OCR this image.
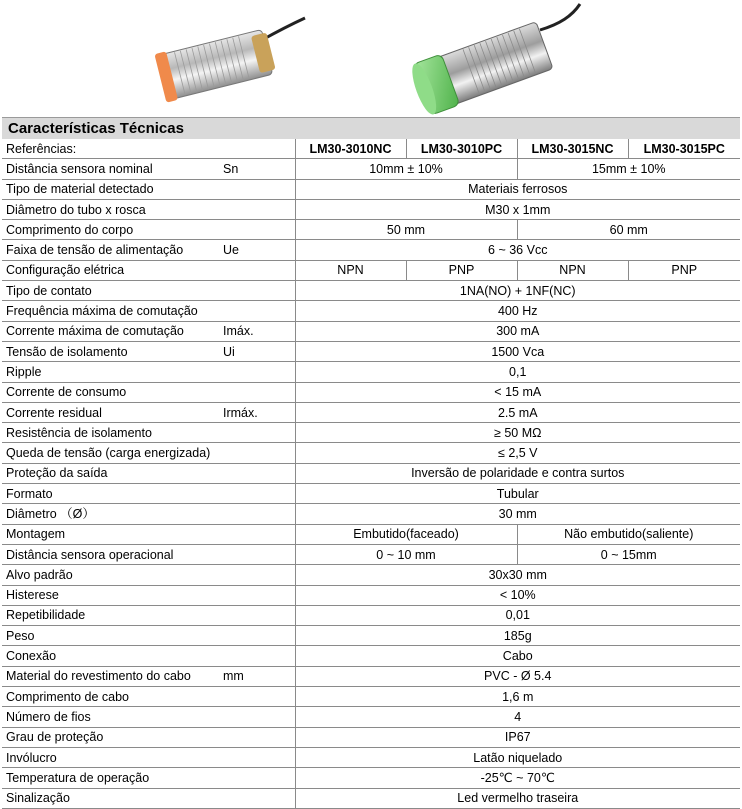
Características Técnicas
Referências:		LM30-3010NC	LM30-3010PC	LM30-3015NC	LM30-3015PC
Distância sensora nominal	Sn	10mm ± 10%		15mm ± 10%	
Tipo de material detectado		Materiais ferrosos			
Diâmetro do tubo x rosca		M30 x 1mm			
Comprimento do corpo		50 mm		60 mm	
Faixa de tensão de alimentação	Ue	6 ~ 36 Vcc			
Configuração elétrica		NPN	PNP	NPN	PNP
Tipo de contato		1NA(NO) + 1NF(NC)			
Frequência máxima de comutação		400 Hz			
Corrente máxima de comutação	Imáx.	300 mA			
Tensão de isolamento	Ui	1500 Vca			
Ripple		0,1			
Corrente de consumo		< 15 mA			
Corrente residual	Irmáx.	2.5 mA			
Resistência de isolamento		≥ 50 MΩ			
Queda de tensão (carga energizada)		≤ 2,5 V			
Proteção da saída		Inversão de polaridade e contra surtos			
Formato		Tubular			
Diâmetro （Ø）		30 mm			
Montagem		Embutido(faceado)		Não embutido(saliente)	
Distância sensora operacional		0 ~ 10 mm		0 ~ 15mm	
Alvo padrão		30x30 mm			
Histerese		< 10%			
Repetibilidade		0,01			
Peso		185g			
Conexão		Cabo			
Material do revestimento do cabo	mm	PVC - Ø 5.4			
Comprimento de cabo		1,6 m			
Número de fios		4			
Grau de proteção		IP67			
Invólucro		Latão niquelado			
Temperatura de operação		-25℃ ~ 70℃			
Sinalização		Led vermelho traseira			
